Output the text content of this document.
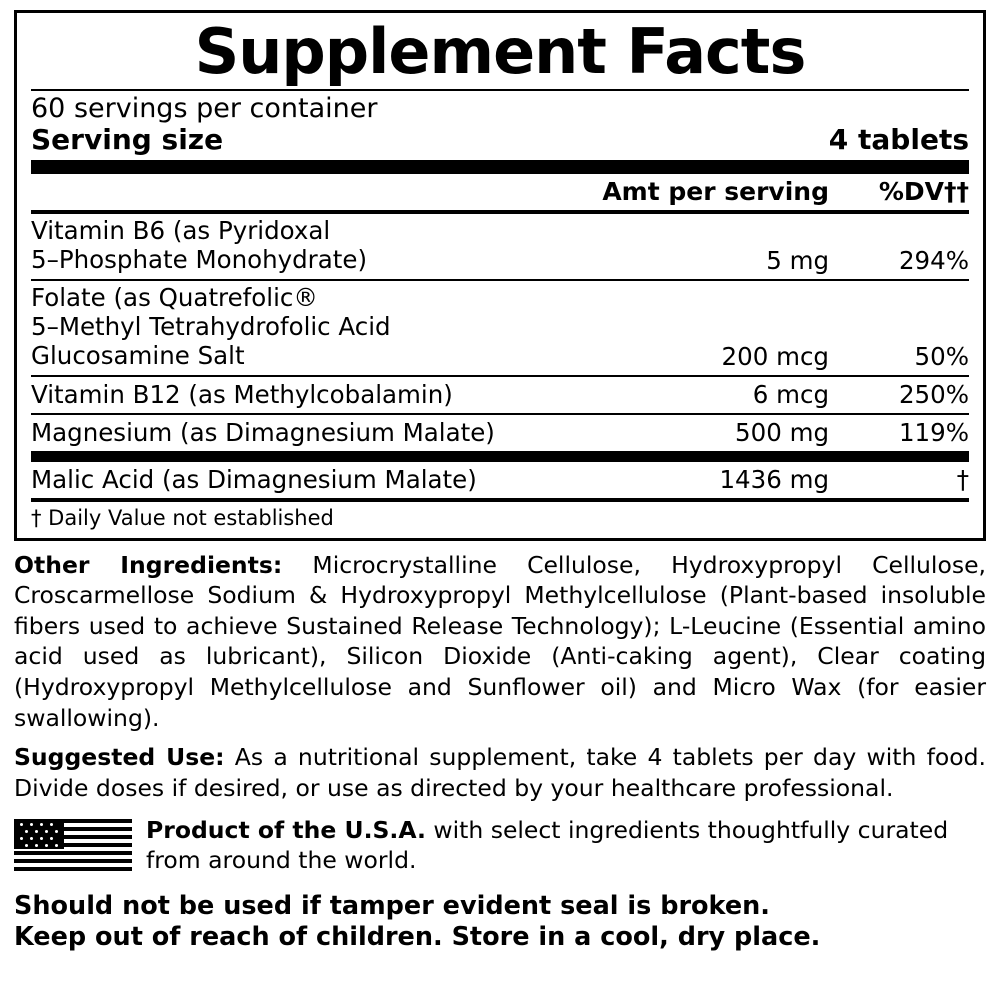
Supplement Facts
60 servings per container
Serving size	4 tablets
	Amt per serving	%DV††

Vitamin B6 (as Pyridoxal
5–Phosphate Monohydrate)	5 mg	294%

Folate (as Quatrefolic®
5–Methyl Tetrahydrofolic Acid
Glucosamine Salt	200 mcg	50%
Vitamin B12 (as Methylcobalamin)	6 mcg	250%
Magnesium (as Dimagnesium Malate)	500 mg	119%
Malic Acid (as Dimagnesium Malate)	1436 mg	†
† Daily Value not established
Other Ingredients: Microcrystalline Cellulose, Hydroxypropyl Cellulose, Croscarmellose Sodium & Hydroxypropyl Methylcellulose (Plant-based insoluble fibers used to achieve Sustained Release Technology); L-Leucine (Essential amino acid used as lubricant), Silicon Dioxide (Anti-caking agent), Clear coating (Hydroxypropyl Methylcellulose and Sunflower oil) and Micro Wax (for easier swallowing).
Suggested Use: As a nutritional supplement, take 4 tablets per day with food. Divide doses if desired, or use as directed by your healthcare professional.
Product of the U.S.A. with select ingredients thoughtfully curated from around the world.
Should not be used if tamper evident seal is broken.
Keep out of reach of children. Store in a cool, dry place.
